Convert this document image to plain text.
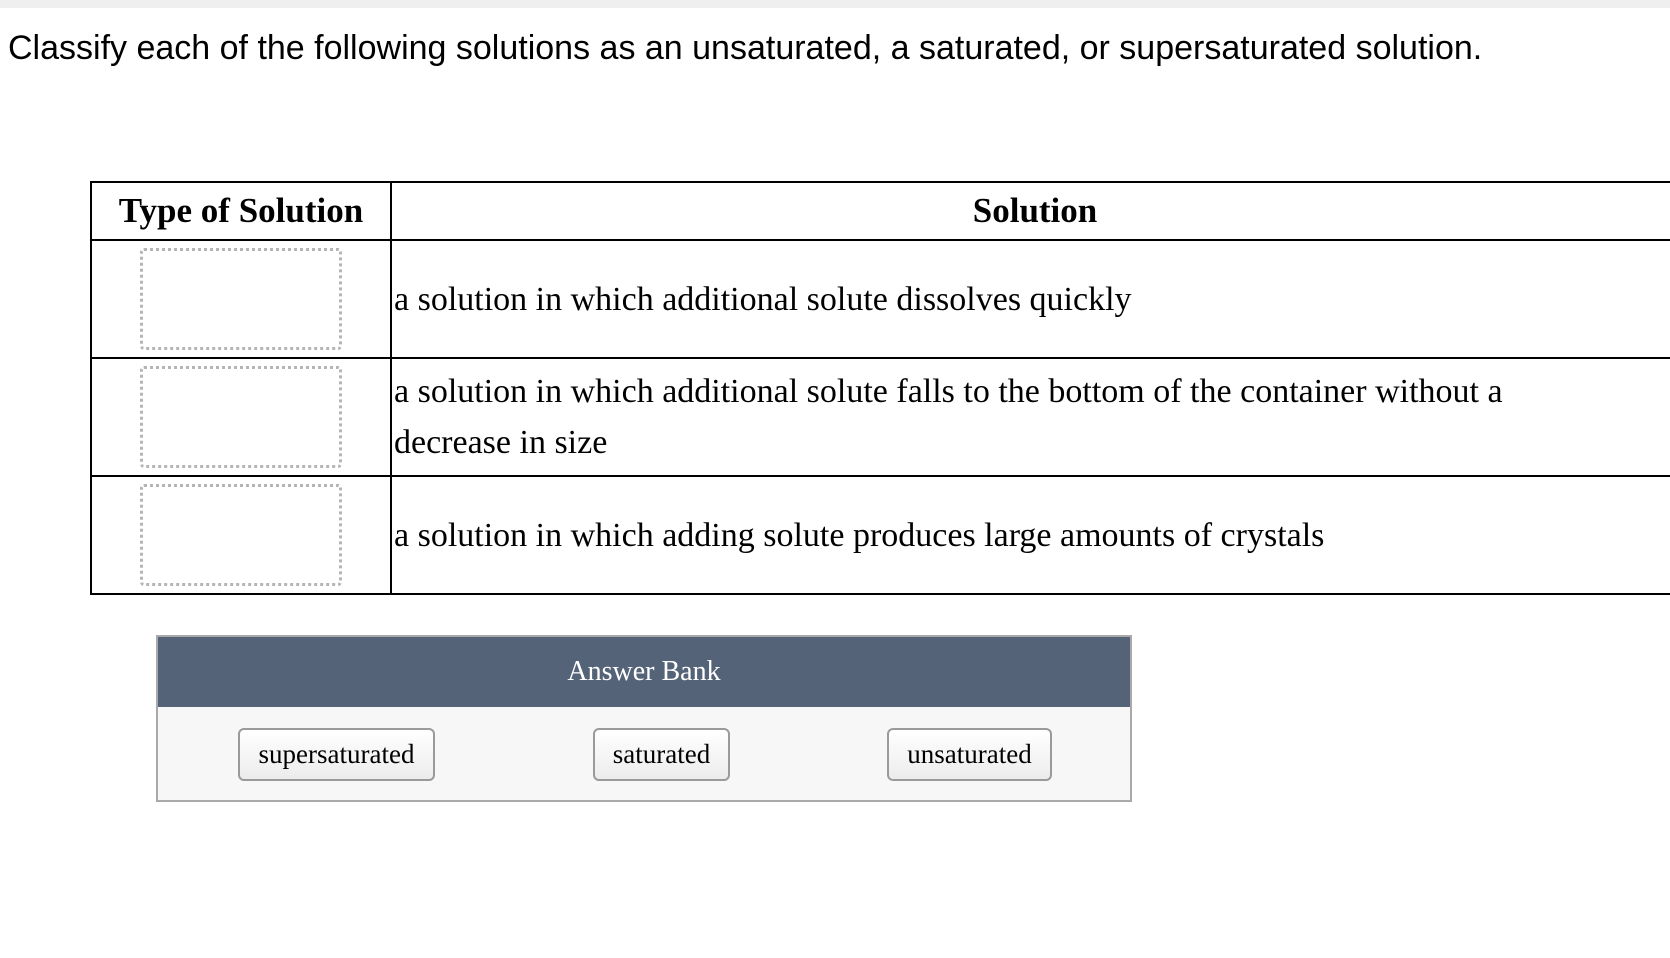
Classify each of the following solutions as an unsaturated, a saturated, or supersaturated solution.
Type of Solution	Solution
	a solution in which additional solute dissolves quickly
	a solution in which additional solute falls to the bottom of the container without a decrease in size
	a solution in which adding solute produces large amounts of crystals
Answer Bank
supersaturated	saturated	unsaturated
